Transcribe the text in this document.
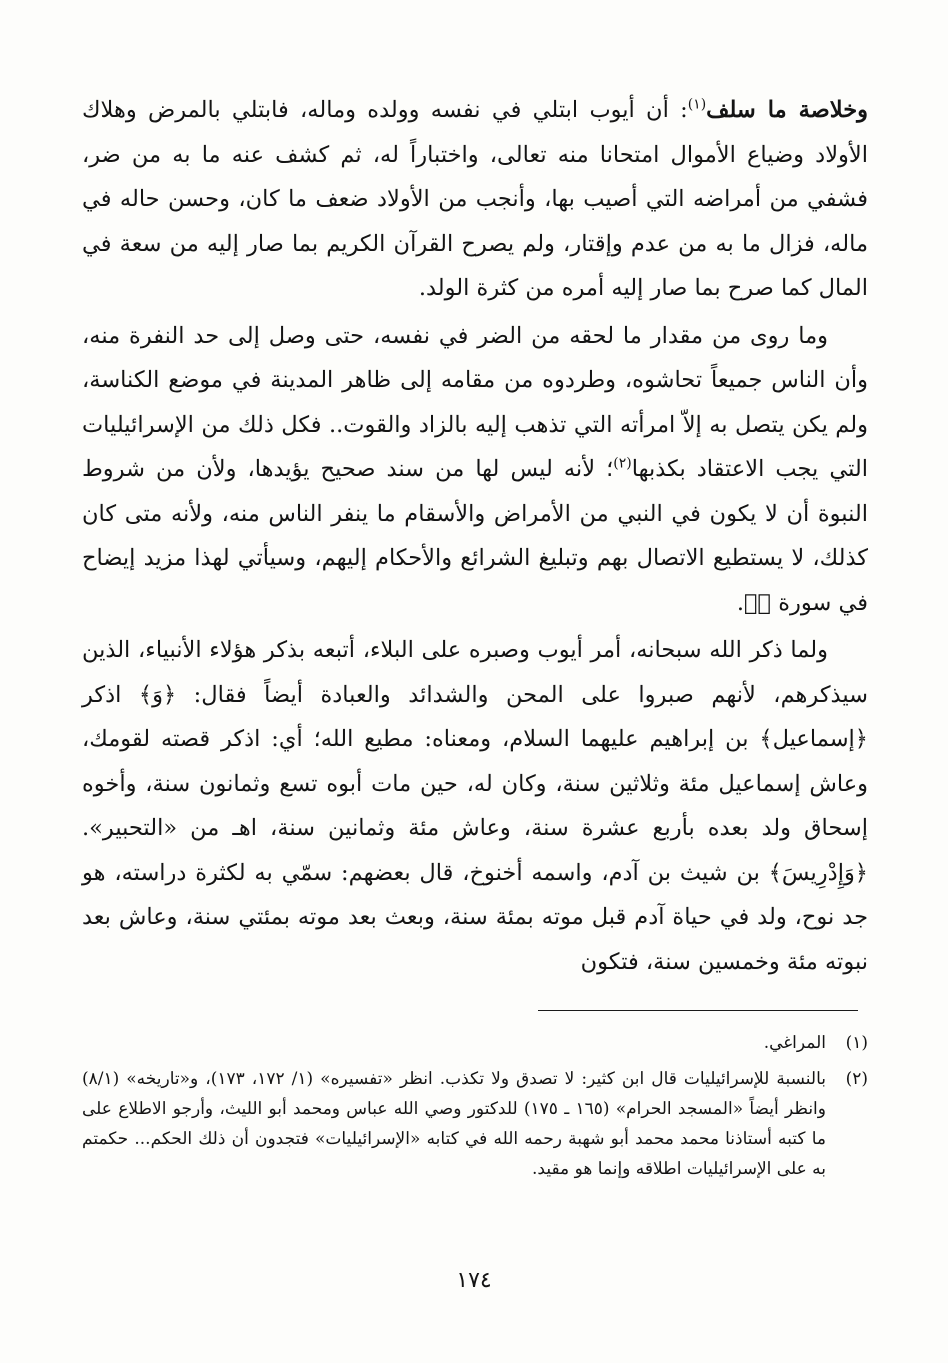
وخلاصة ما سلف$^{(١)}$: أن أيوب ابتلي في نفسه وولده وماله، فابتلي بالمرض وهلاك الأولاد وضياع الأموال امتحانا منه تعالى، واختباراً له، ثم كشف عنه ما به من ضر، فشفي من أمراضه التي أصيب بها، وأنجب من الأولاد ضعف ما كان، وحسن حاله في ماله، فزال ما به من عدم وإقتار، ولم يصرح القرآن الكريم بما صار إليه من سعة في المال كما صرح بما صار إليه أمره من كثرة الولد.

وما روى من مقدار ما لحقه من الضر في نفسه، حتى وصل إلى حد النفرة منه، وأن الناس جميعاً تحاشوه، وطردوه من مقامه إلى ظاهر المدينة في موضع الكناسة، ولم يكن يتصل به إلاّ امرأته التي تذهب إليه بالزاد والقوت.. فكل ذلك من الإسرائيليات التي يجب الاعتقاد بكذبها$^{(٢)}$؛ لأنه ليس لها من سند صحيح يؤيدها، ولأن من شروط النبوة أن لا يكون في النبي من الأمراض والأسقام ما ينفر الناس منه، ولأنه متى كان كذلك، لا يستطيع الاتصال بهم وتبليغ الشرائع والأحكام إليهم، وسيأتي لهذا مزيد إيضاح في سورة صۤ.

ولما ذكر الله سبحانه، أمر أيوب وصبره على البلاء، أتبعه بذكر هؤلاء الأنبياء، الذين سيذكرهم، لأنهم صبروا على المحن والشدائد والعبادة أيضاً فقال: ﴿وَ﴾ اذكر ﴿إسماعيل﴾ بن إبراهيم عليهما السلام، ومعناه: مطيع الله؛ أي: اذكر قصته لقومك، وعاش إسماعيل مئة وثلاثين سنة، وكان له، حين مات أبوه تسع وثمانون سنة، وأخوه إسحاق ولد بعده بأربع عشرة سنة، وعاش مئة وثمانين سنة، اهـ من «التحبير». ﴿وَإِدْرِيسَ﴾ بن شيث بن آدم، واسمه أخنوخ، قال بعضهم: سمّي به لكثرة دراسته، هو جد نوح، ولد في حياة آدم قبل موته بمئة سنة، وبعث بعد موته بمئتي سنة، وعاش بعد نبوته مئة وخمسين سنة، فتكون

(١)
المراغي.
(٢)
بالنسبة للإسرائيليات قال ابن كثير: لا تصدق ولا تكذب. انظر «تفسيره» (١/ ١٧٢، ١٧٣)، و«تاريخه» (٨/١) وانظر أيضاً «المسجد الحرام» (١٦٥ ـ ١٧٥) للدكتور وصي الله عباس ومحمد أبو الليث، وأرجو الاطلاع على ما كتبه أستاذنا محمد محمد أبو شهبة رحمه الله في كتابه «الإسرائيليات» فتجدون أن ذلك الحكم... حكمتم به على الإسرائيليات اطلاقه وإنما هو مقيد.
١٧٤
